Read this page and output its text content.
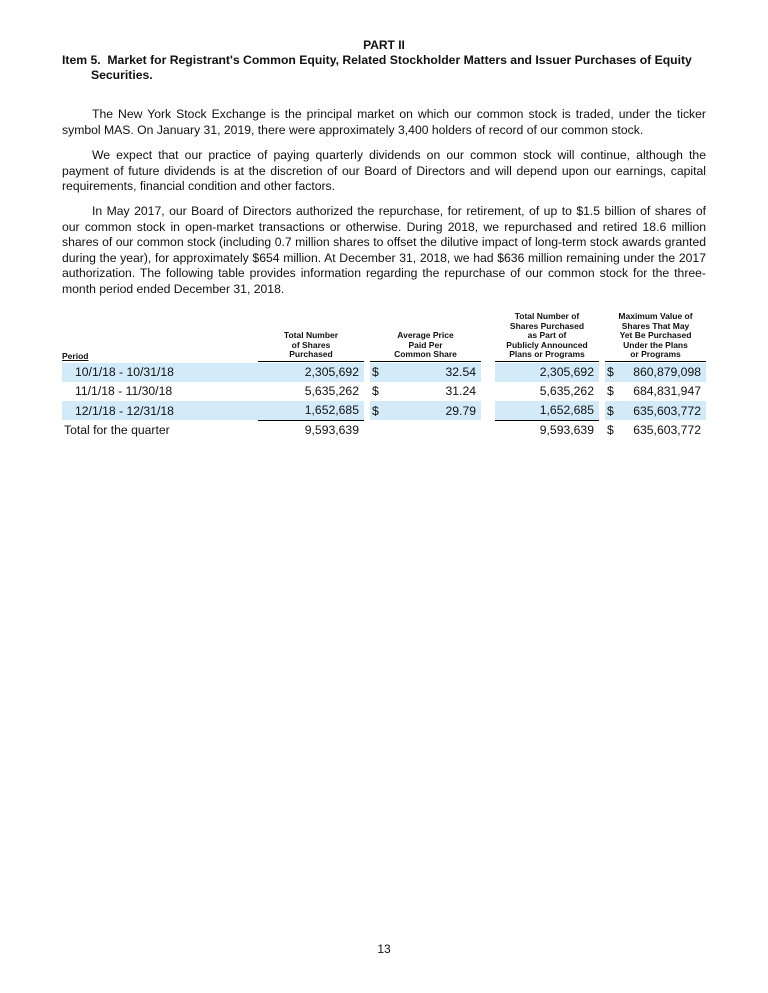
PART II
Item 5. Market for Registrant's Common Equity, Related Stockholder Matters and Issuer Purchases of Equity
Securities.

The New York Stock Exchange is the principal market on which our common stock is traded, under the ticker symbol MAS. On January 31, 2019, there were approximately 3,400 holders of record of our common stock.

We expect that our practice of paying quarterly dividends on our common stock will continue, although the payment of future dividends is at the discretion of our Board of Directors and will depend upon our earnings, capital requirements, financial condition and other factors.

In May 2017, our Board of Directors authorized the repurchase, for retirement, of up to $1.5 billion of shares of our common stock in open-market transactions or otherwise. During 2018, we repurchased and retired 18.6 million shares of our common stock (including 0.7 million shares to offset the dilutive impact of long-term stock awards granted during the year), for approximately $654 million. At December 31, 2018, we had $636 million remaining under the 2017 authorization. The following table provides information regarding the repurchase of our common stock for the three-month period ended December 31, 2018.

Period	Total Number
of Shares
Purchased		Average Price
Paid Per
Common Share			Total Number of
Shares Purchased
as Part of
Publicly Announced
Plans or Programs		Maximum Value of
Shares That May
Yet Be Purchased
Under the Plans
or Programs	

10/1/18 - 10/31/18	2,305,692		$	32.54		2,305,692		$	860,879,098
11/1/18 - 11/30/18	5,635,262		$	31.24		5,635,262		$	684,831,947
12/1/18 - 12/31/18	1,652,685		$	29.79		1,652,685		$	635,603,772
Total for the quarter	9,593,639					9,593,639		$	635,603,772
13
